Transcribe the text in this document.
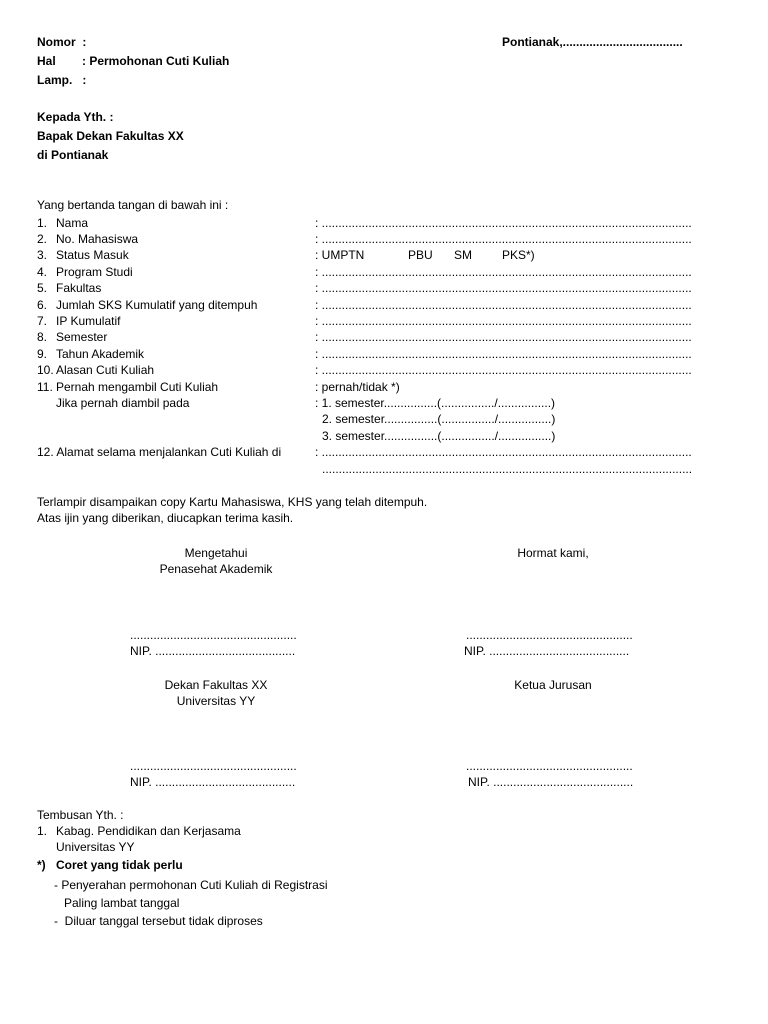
Nomor  :
Hal : Permohonan Cuti Kuliah
Lamp.   :
Pontianak,....................................
Kepada Yth. :
Bapak Dekan Fakultas XX
di Pontianak
Yang bertanda tangan di bawah ini :
1. Nama	: ...............................................................................................................
2. No. Mahasiswa	: ...............................................................................................................
3. Status Masuk	: UMPTN	PBU SM	PKS*)
4. Program Studi	: ...............................................................................................................
5. Fakultas	: ...............................................................................................................
6. Jumlah SKS Kumulatif yang ditempuh	: ...............................................................................................................
7. IP Kumulatif	: ...............................................................................................................
8. Semester	: ...............................................................................................................
9. Tahun Akademik	: ...............................................................................................................
10. Alasan Cuti Kuliah	: ...............................................................................................................
11. Pernah mengambil Cuti Kuliah	: pernah/tidak *)
Jika pernah diambil pada	: 1. semester................(................/................)
2. semester................(................/................)
3. semester................(................/................)
12. Alamat selama menjalankan Cuti Kuliah di	: ...............................................................................................................
...............................................................................................................
Terlampir disampaikan copy Kartu Mahasiswa, KHS yang telah ditempuh.
Atas ijin yang diberikan, diucapkan terima kasih.
Mengetahui
Penasehat Akademik
Hormat kami,
..................................................
NIP. ..........................................
..................................................
NIP. ..........................................
Dekan Fakultas XX
Universitas YY
Ketua Jurusan
..................................................
NIP. ..........................................
..................................................
NIP. ..........................................
Tembusan Yth. :
1. Kabag. Pendidikan dan Kerjasama
Universitas YY
*) Coret yang tidak perlu
- Penyerahan permohonan Cuti Kuliah di Registrasi
Paling lambat tanggal
-  Diluar tanggal tersebut tidak diproses
